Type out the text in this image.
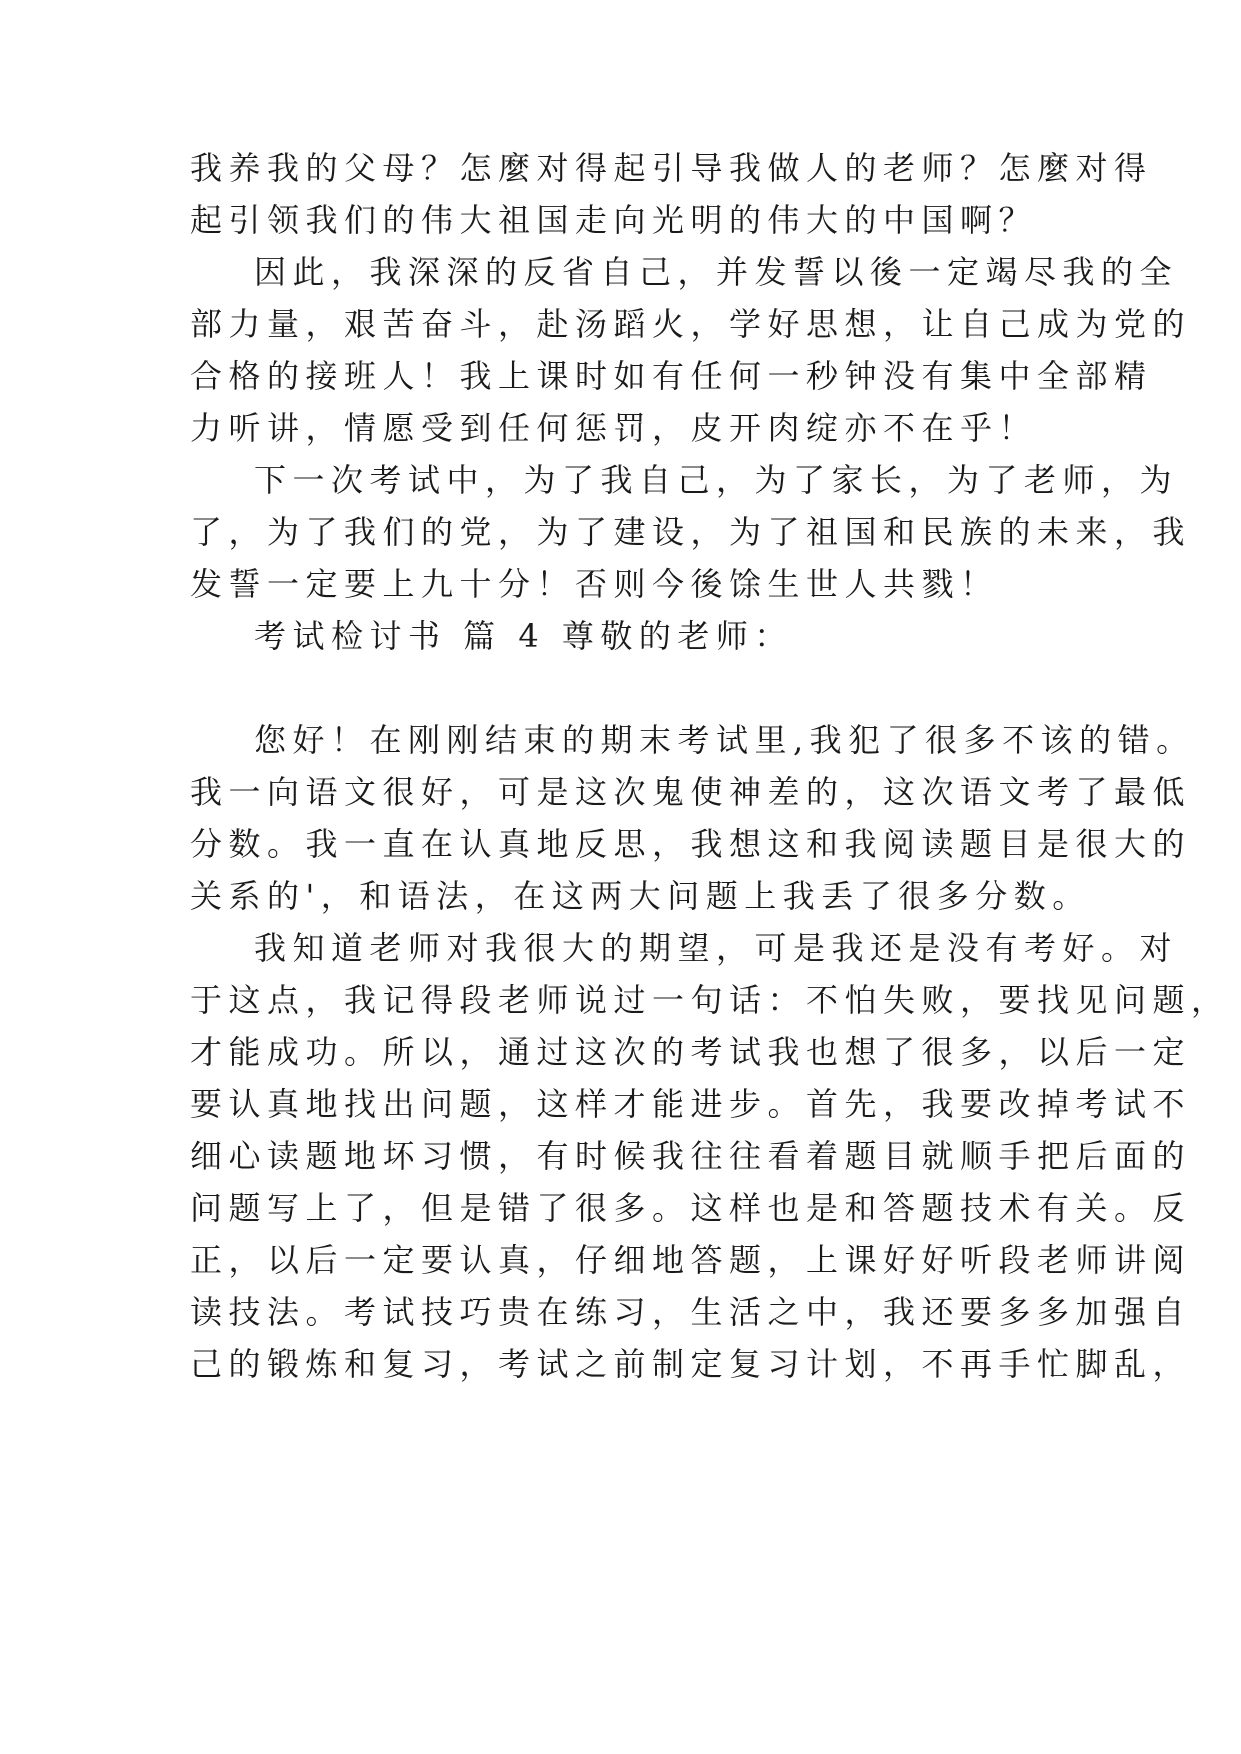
我养我的父母？怎麼对得起引导我做人的老师？怎麼对得
起引领我们的伟大祖国走向光明的伟大的中国啊？
因此，我深深的反省自己，并发誓以後一定竭尽我的全
部力量，艰苦奋斗，赴汤蹈火，学好思想，让自己成为党的
合格的接班人！我上课时如有任何一秒钟没有集中全部精
力听讲，情愿受到任何惩罚，皮开肉绽亦不在乎！
下一次考试中，为了我自己，为了家长，为了老师，为
了，为了我们的党，为了建设，为了祖国和民族的未来，我
发誓一定要上九十分！否则今後馀生世人共戮！
考试检讨书 篇 4 尊敬的老师：
您好！在刚刚结束的期末考试里,我犯了很多不该的错。
我一向语文很好，可是这次鬼使神差的，这次语文考了最低
分数。我一直在认真地反思，我想这和我阅读题目是很大的
关系的'，和语法，在这两大问题上我丢了很多分数。
我知道老师对我很大的期望，可是我还是没有考好。对
于这点，我记得段老师说过一句话：不怕失败，要找见问题，
才能成功。所以，通过这次的考试我也想了很多，以后一定
要认真地找出问题，这样才能进步。首先，我要改掉考试不
细心读题地坏习惯，有时候我往往看着题目就顺手把后面的
问题写上了，但是错了很多。这样也是和答题技术有关。反
正，以后一定要认真，仔细地答题，上课好好听段老师讲阅
读技法。考试技巧贵在练习，生活之中，我还要多多加强自
己的锻炼和复习，考试之前制定复习计划，不再手忙脚乱，
